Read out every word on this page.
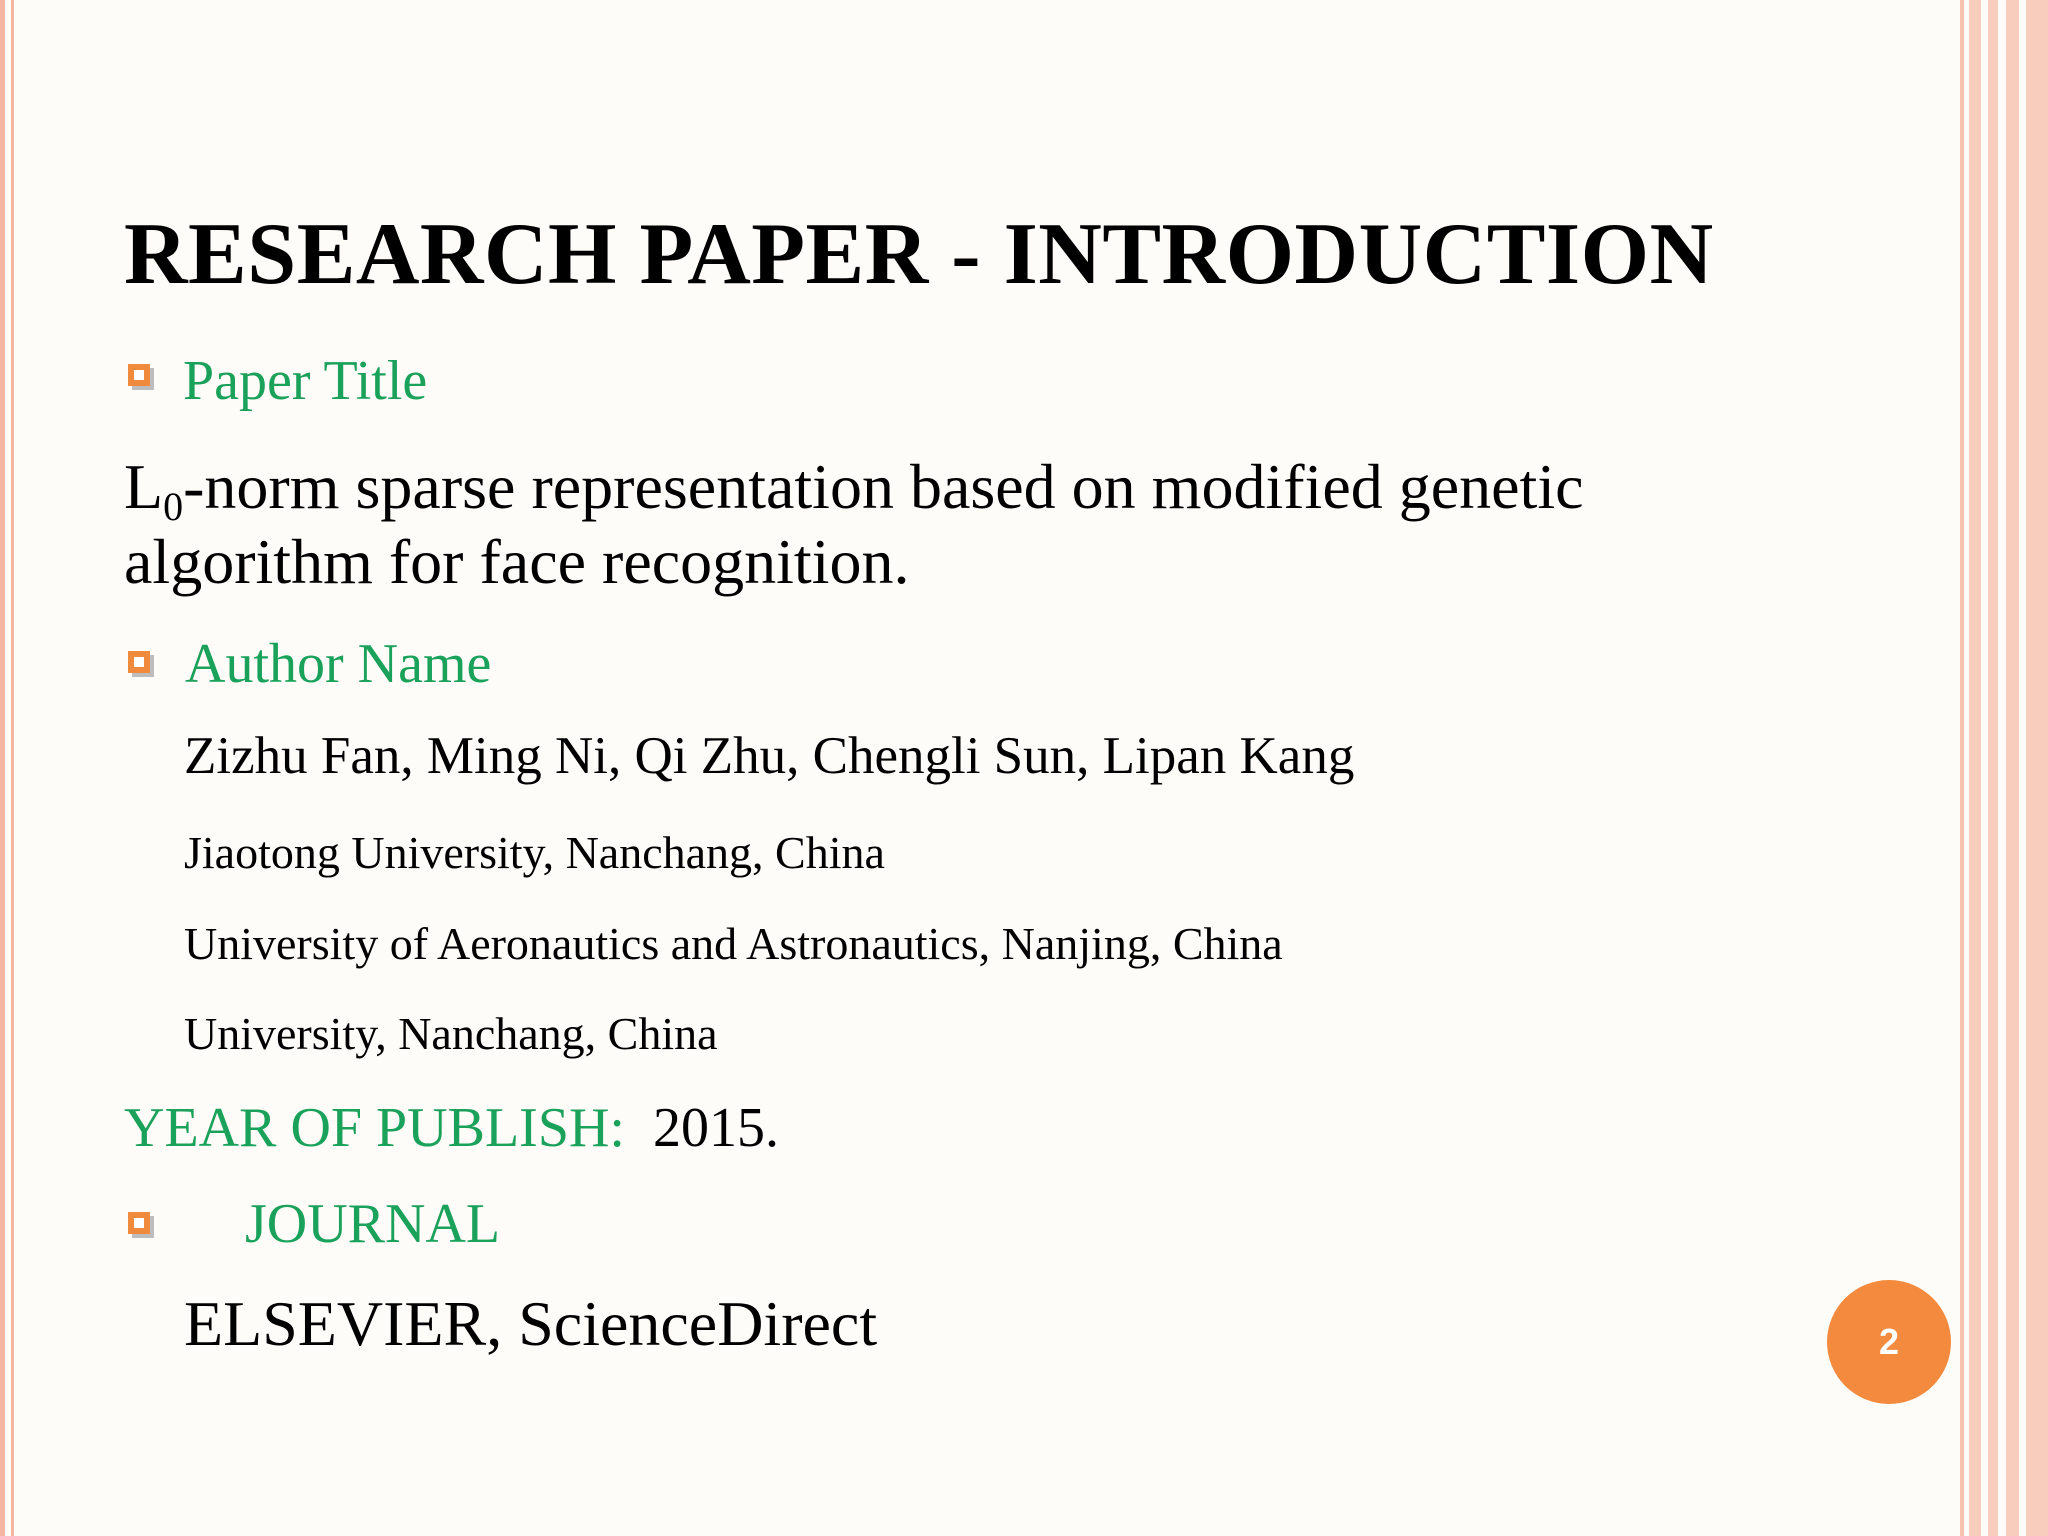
RESEARCH PAPER - INTRODUCTION
Paper Title
$L_0$-norm sparse representation based on modified genetic
algorithm for face recognition.
Author Name
Zizhu Fan, Ming Ni, Qi Zhu, Chengli Sun, Lipan Kang
Jiaotong University, Nanchang, China
University of Aeronautics and Astronautics, Nanjing, China
University, Nanchang, China
YEAR OF PUBLISH: 2015.
JOURNAL
ELSEVIER, ScienceDirect	2
